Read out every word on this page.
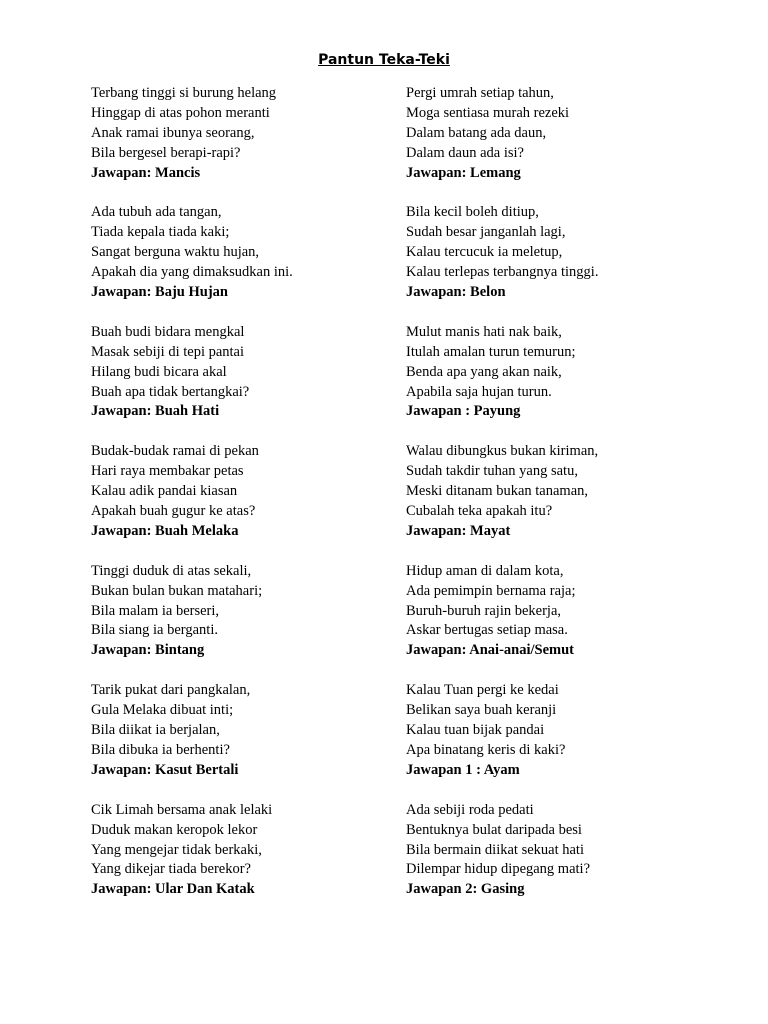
Pantun Teka-Teki
Terbang tinggi si burung helang
Hinggap di atas pohon meranti
Anak ramai ibunya seorang,
Bila bergesel berapi-rapi?
Jawapan: Mancis
Ada tubuh ada tangan,
Tiada kepala tiada kaki;
Sangat berguna waktu hujan,
Apakah dia yang dimaksudkan ini.
Jawapan: Baju Hujan
Buah budi bidara mengkal
Masak sebiji di tepi pantai
Hilang budi bicara akal
Buah apa tidak bertangkai?
Jawapan: Buah Hati
Budak-budak ramai di pekan
Hari raya membakar petas
Kalau adik pandai kiasan
Apakah buah gugur ke atas?
Jawapan: Buah Melaka
Tinggi duduk di atas sekali,
Bukan bulan bukan matahari;
Bila malam ia berseri,
Bila siang ia berganti.
Jawapan: Bintang
Tarik pukat dari pangkalan,
Gula Melaka dibuat inti;
Bila diikat ia berjalan,
Bila dibuka ia berhenti?
Jawapan: Kasut Bertali
Cik Limah bersama anak lelaki
Duduk makan keropok lekor
Yang mengejar tidak berkaki,
Yang dikejar tiada berekor?
Jawapan: Ular Dan Katak
Pergi umrah setiap tahun,
Moga sentiasa murah rezeki
Dalam batang ada daun,
Dalam daun ada isi?
Jawapan: Lemang
Bila kecil boleh ditiup,
Sudah besar janganlah lagi,
Kalau tercucuk ia meletup,
Kalau terlepas terbangnya tinggi.
Jawapan: Belon
Mulut manis hati nak baik,
Itulah amalan turun temurun;
Benda apa yang akan naik,
Apabila saja hujan turun.
Jawapan : Payung
Walau dibungkus bukan kiriman,
Sudah takdir tuhan yang satu,
Meski ditanam bukan tanaman,
Cubalah teka apakah itu?
Jawapan: Mayat
Hidup aman di dalam kota,
Ada pemimpin bernama raja;
Buruh-buruh rajin bekerja,
Askar bertugas setiap masa.
Jawapan: Anai-anai/Semut
Kalau Tuan pergi ke kedai
Belikan saya buah keranji
Kalau tuan bijak pandai
Apa binatang keris di kaki?
Jawapan 1 : Ayam
Ada sebiji roda pedati
Bentuknya bulat daripada besi
Bila bermain diikat sekuat hati
Dilempar hidup dipegang mati?
Jawapan 2: Gasing
